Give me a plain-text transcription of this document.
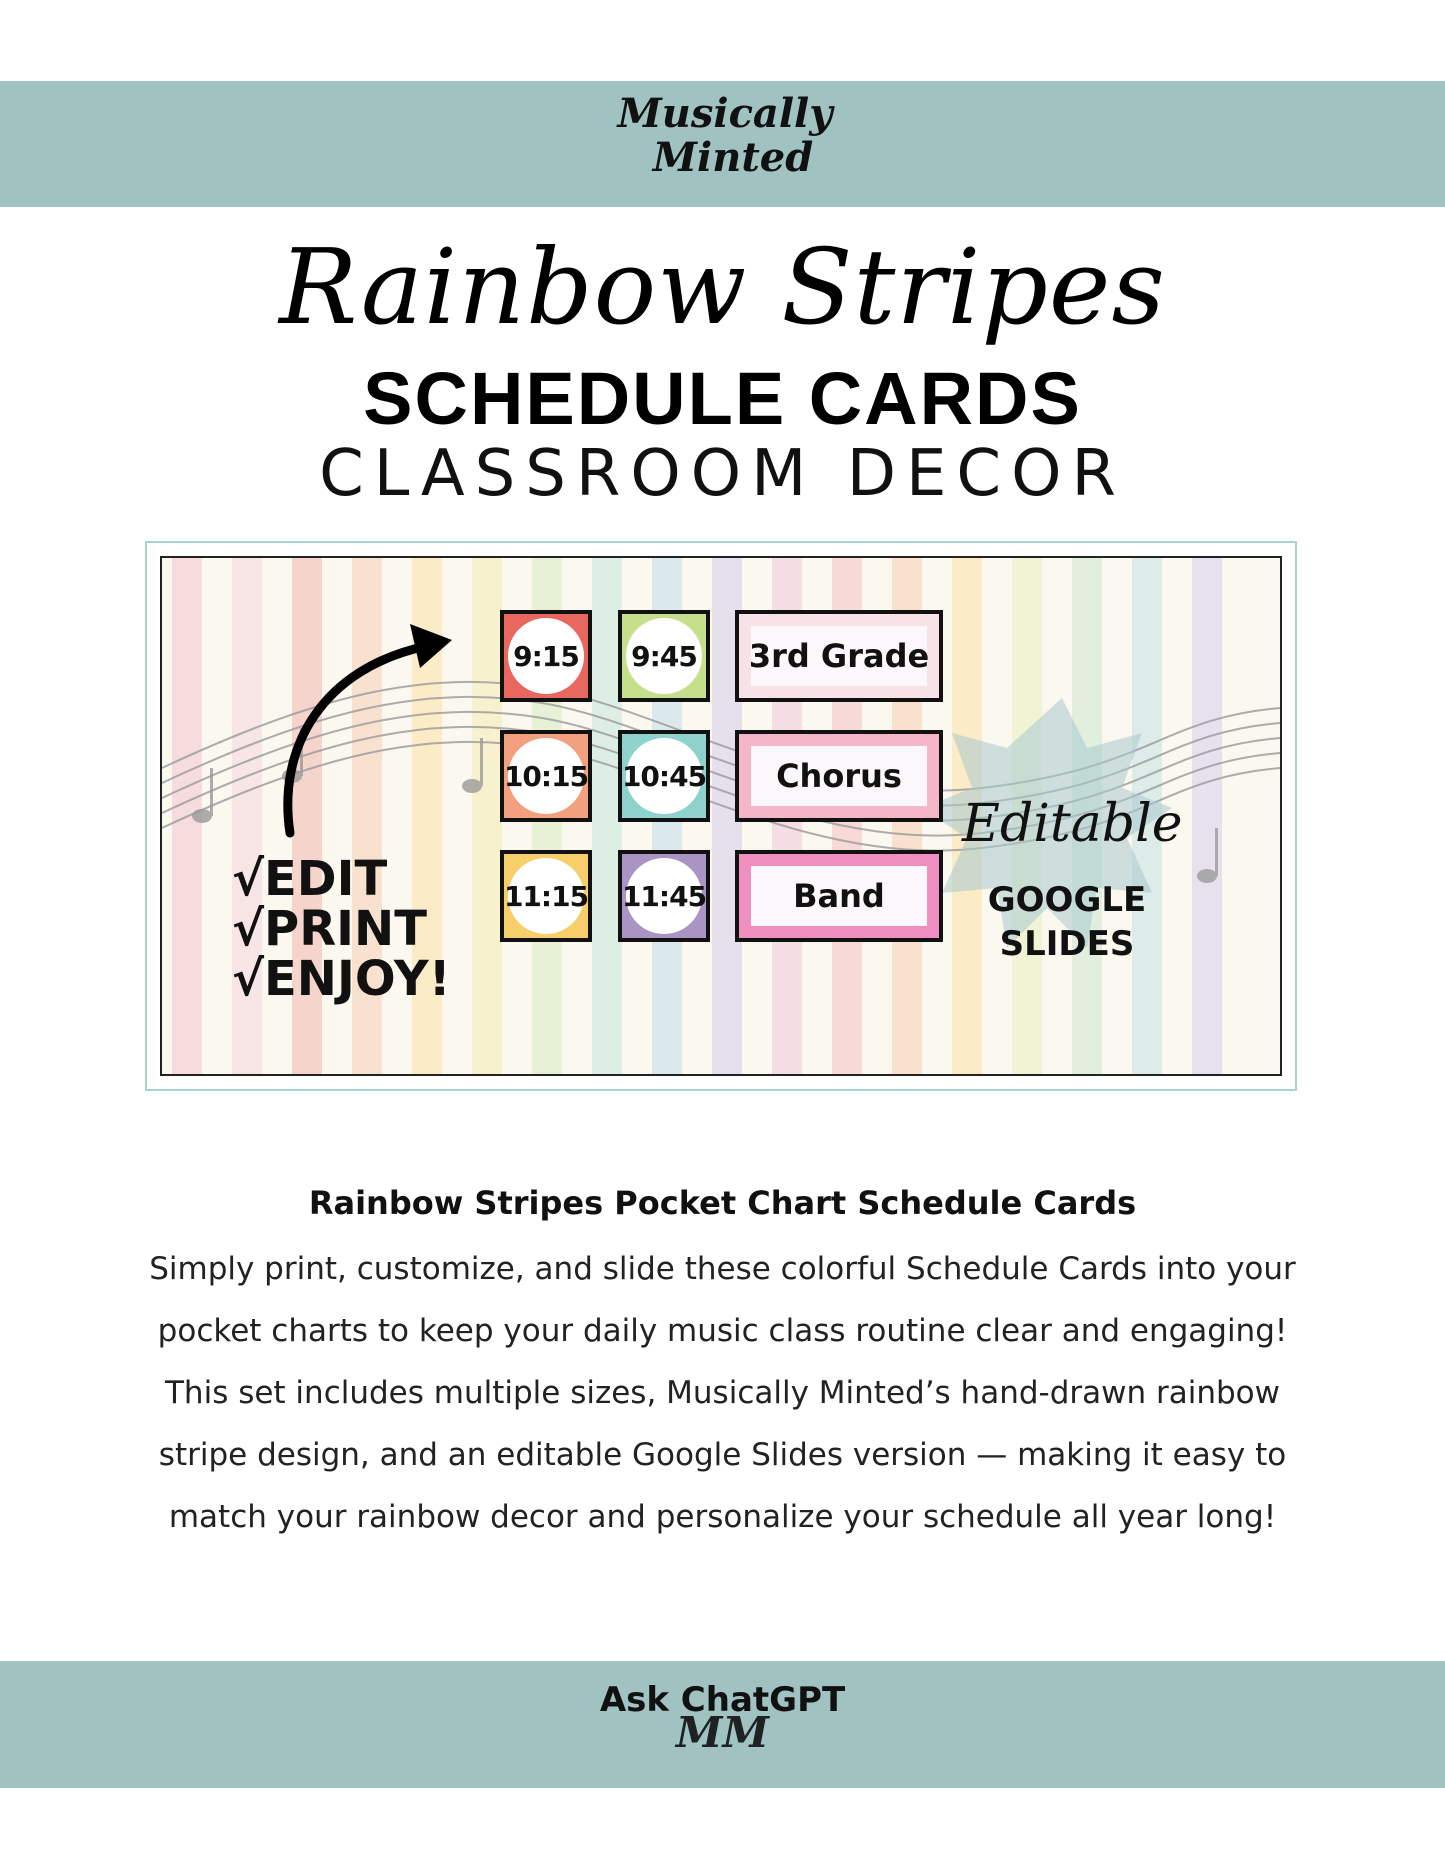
Musically

Minted
Rainbow Stripes
SCHEDULE CARDS
CLASSROOM DECOR
9:15 9:45
10:15 10:45
11:15 11:45
3rd Grade
Chorus
Band
√EDIT
√PRINT
√ENJOY!
Editable
GOOGLE
SLIDES
Rainbow Stripes Pocket Chart Schedule Cards
Simply print, customize, and slide these colorful Schedule Cards into your pocket charts to keep your daily music class routine clear and engaging! This set includes multiple sizes, Musically Minted’s hand-drawn rainbow stripe design, and an editable Google Slides version — making it easy to match your rainbow decor and personalize your schedule all year long!
MM
Ask ChatGPT
